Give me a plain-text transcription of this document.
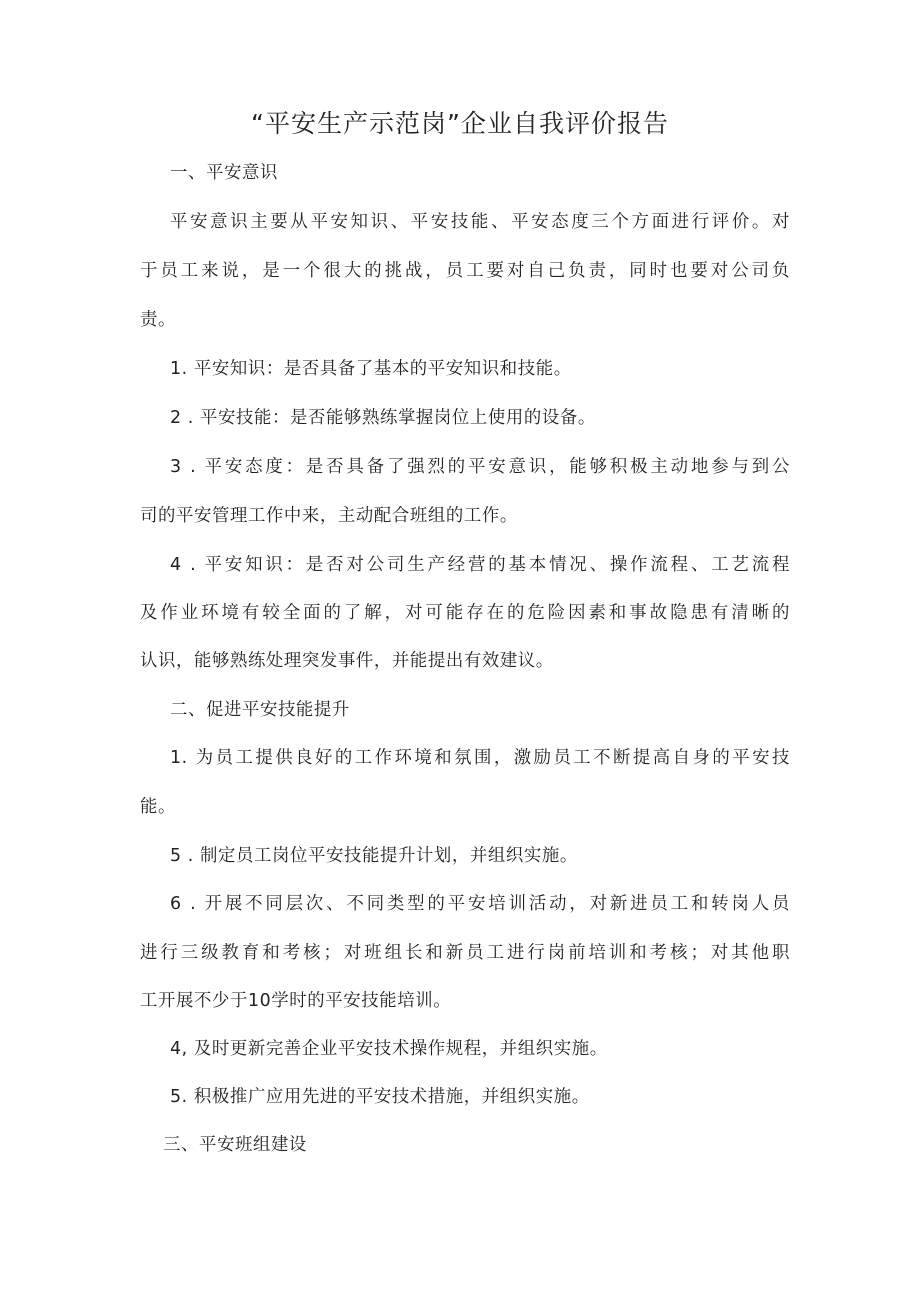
“平安生产示范岗”企业自我评价报告
一、平安意识
平安意识主要从平安知识、平安技能、平安态度三个方面进行评价。对
于员工来说，是一个很大的挑战，员工要对自己负责，同时也要对公司负
责。
1. 平安知识：是否具备了基本的平安知识和技能。
2 . 平安技能：是否能够熟练掌握岗位上使用的设备。
3 . 平安态度：是否具备了强烈的平安意识，能够积极主动地参与到公
司的平安管理工作中来，主动配合班组的工作。
4 . 平安知识：是否对公司生产经营的基本情况、操作流程、工艺流程
及作业环境有较全面的了解，对可能存在的危险因素和事故隐患有清晰的
认识，能够熟练处理突发事件，并能提出有效建议。
二、促进平安技能提升
1. 为员工提供良好的工作环境和氛围，激励员工不断提高自身的平安技
能。
5 . 制定员工岗位平安技能提升计划，并组织实施。
6 . 开展不同层次、不同类型的平安培训活动，对新进员工和转岗人员
进行三级教育和考核；对班组长和新员工进行岗前培训和考核；对其他职
工开展不少于10学时的平安技能培训。
4, 及时更新完善企业平安技术操作规程，并组织实施。
5. 积极推广应用先进的平安技术措施，并组织实施。
三、平安班组建设
